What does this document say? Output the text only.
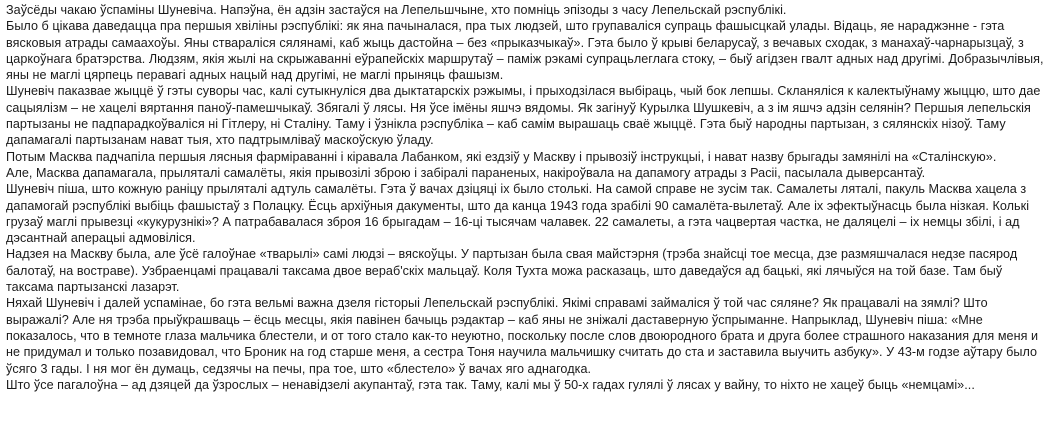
Заўсёды чакаю ўспаміны Шуневіча. Напэўна, ён адзін застаўся на Лепельшчыне, хто помніць эпізоды з часу Лепельскай рэспублікі.

Было б цікава даведацца пра першыя хвіліны рэспублікі: як яна пачыналася, пра тых людзей, што групаваліся супраць фашысцкай улады. Відаць, яе нараджэнне - гэта вясковыя атрады самаахоўы. Яны ствараліся сялянамі, каб жыць дастойна – без «прыказчыкаў». Гэта было ў крыві беларусаў, з вечавых сходак, з манахаў-чарнарызцаў, з царкоўнага братэрства. Людзям, якія жылі на скрыжаванні еўрапейскіх маршрутаў – паміж рэкамі супрацьлеглага стоку, – быў агідзен гвалт адных над другімі. Добразычлівыя, яны не маглі цярпець перавагі адных нацый над другімі, не маглі прыняць фашызм.

Шуневіч паказвае жыццё ў гэты суворы час, калі сутыкнуліся два дыктатарскіх рэжымы, і прыходзілася выбіраць, чый бок лепшы. Скланяліся к калектыўнаму жыццю, што дае сацыялізм – не хацелі вяртання паноў-памешчыкаў. Збягалі ў лясы. Ня ўсе імёны яшчэ вядомы. Як загінуў Курылка Шушкевіч, а з ім яшчэ адзін селянін? Першыя лепельскія партызаны не падпарадкоўваліся ні Гітлеру, ні Сталіну. Таму і ўзнікла рэспубліка – каб самім вырашаць сваё жыццё. Гэта быў народны партызан, з сялянскіх нізоў. Таму дапамагалі партызанам нават тыя, хто падтрымліваў маскоўскую ўладу.

Потым Масква падчапіла першыя лясныя фарміраванні і кіравала Лабанком, які ездзіў у Маскву і прывозіў інструкцыі, і нават назву брыгады замянілі на «Сталінскую».

Але, Масква дапамагала, прыляталі самалёты, якія прывозілі зброю і забіралі параненых, накіроўвала на дапамогу атрады з Расіі, пасылала дыверсантаў.

Шуневіч піша, што кожную раніцу прыляталі адтуль самалёты. Гэта ў вачах дзіцяці іх было столькі. На самой справе не зусім так. Самалеты ляталі, пакуль Масква хацела з дапамогай рэспублікі выбіць фашыстаў з Полацку. Ёсць архіўныя дакументы, што да канца 1943 года зрабілі 90 самалёта-вылетаў. Але іх эфектыўнасць была нізкая. Колькі грузаў маглі прывезці «кукурузнікі»? А патрабавалася зброя 16 брыгадам – 16-ці тысячам чалавек. 22 самалеты, а гэта чацвертая частка, не даляцелі – іх немцы збілі, і ад дэсантнай аперацыі адмовіліся.

Надзея на Маскву была, але ўсё галоўнае «тварылі» самі людзі – вяскоўцы. У партызан была свая майстэрня (трэба знайсці тое месца, дзе размяшчалася недзе пасярод балотаў, на востраве). Узбраенцамі працавалі таксама двое вераб'скіх мальцаў. Коля Тухта можа расказаць, што даведаўся ад бацькі, які лячыўся на той базе. Там быў таксама партызанскі лазарэт.

Няхай Шуневіч і далей успамінае, бо гэта вельмі важна дзеля гісторыі Лепельскай рэспублікі. Якімі справамі займаліся ў той час сяляне? Як працавалі на зямлі? Што выражалі? Але ня трэба прыўкрашваць – ёсць месцы, якія павінен бачыць рэдактар – каб яны не зніжалі даставерную ўспрыманне. Напрыклад, Шуневіч піша: «Мне показалось, что в темноте глаза мальчика блестели, и от того стало как-то неуютно, поскольку после слов двоюродного брата и друга более страшного наказания для меня и не придумал и только позавидовал, что Броник на год старше меня, а сестра Тоня научила мальчишку считать до ста и заставила выучить азбуку». У 43-м годзе аўтару было ўсяго 3 гады. І ня мог ён думаць, седзячы на печы, пра тое, што «блестело» ў вачах яго аднагодка.

Што ўсе пагалоўна – ад дзяцей да ўзрослых – ненавідзелі акупантаў, гэта так. Таму, калі мы ў 50-х гадах гулялі ў лясах у вайну, то ніхто не хацеў быць «немцамі»...
